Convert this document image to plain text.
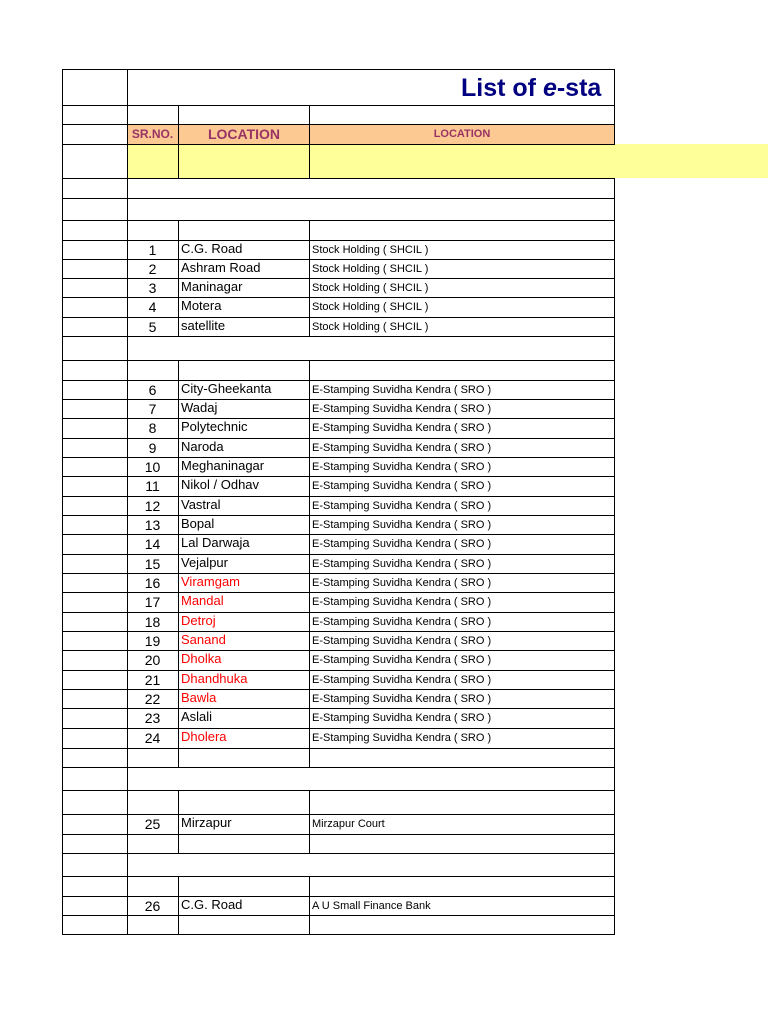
List of e-sta
SR.NO.	LOCATION	LOCATION
1	C.G. Road	Stock Holding ( SHCIL )
2	Ashram Road	Stock Holding ( SHCIL )
3	Maninagar	Stock Holding ( SHCIL )
4	Motera	Stock Holding ( SHCIL )
5	satellite	Stock Holding ( SHCIL )
6	City-Gheekanta	E-Stamping Suvidha Kendra ( SRO )
7	Wadaj	E-Stamping Suvidha Kendra ( SRO )
8	Polytechnic	E-Stamping Suvidha Kendra ( SRO )
9	Naroda	E-Stamping Suvidha Kendra ( SRO )
10	Meghaninagar	E-Stamping Suvidha Kendra ( SRO )
11	Nikol / Odhav	E-Stamping Suvidha Kendra ( SRO )
12	Vastral	E-Stamping Suvidha Kendra ( SRO )
13	Bopal	E-Stamping Suvidha Kendra ( SRO )
14	Lal Darwaja	E-Stamping Suvidha Kendra ( SRO )
15	Vejalpur	E-Stamping Suvidha Kendra ( SRO )
16	Viramgam	E-Stamping Suvidha Kendra ( SRO )
17	Mandal	E-Stamping Suvidha Kendra ( SRO )
18	Detroj	E-Stamping Suvidha Kendra ( SRO )
19	Sanand	E-Stamping Suvidha Kendra ( SRO )
20	Dholka	E-Stamping Suvidha Kendra ( SRO )
21	Dhandhuka	E-Stamping Suvidha Kendra ( SRO )
22	Bawla	E-Stamping Suvidha Kendra ( SRO )
23	Aslali	E-Stamping Suvidha Kendra ( SRO )
24	Dholera	E-Stamping Suvidha Kendra ( SRO )
25	Mirzapur	Mirzapur Court
26	C.G. Road	A U Small Finance Bank
